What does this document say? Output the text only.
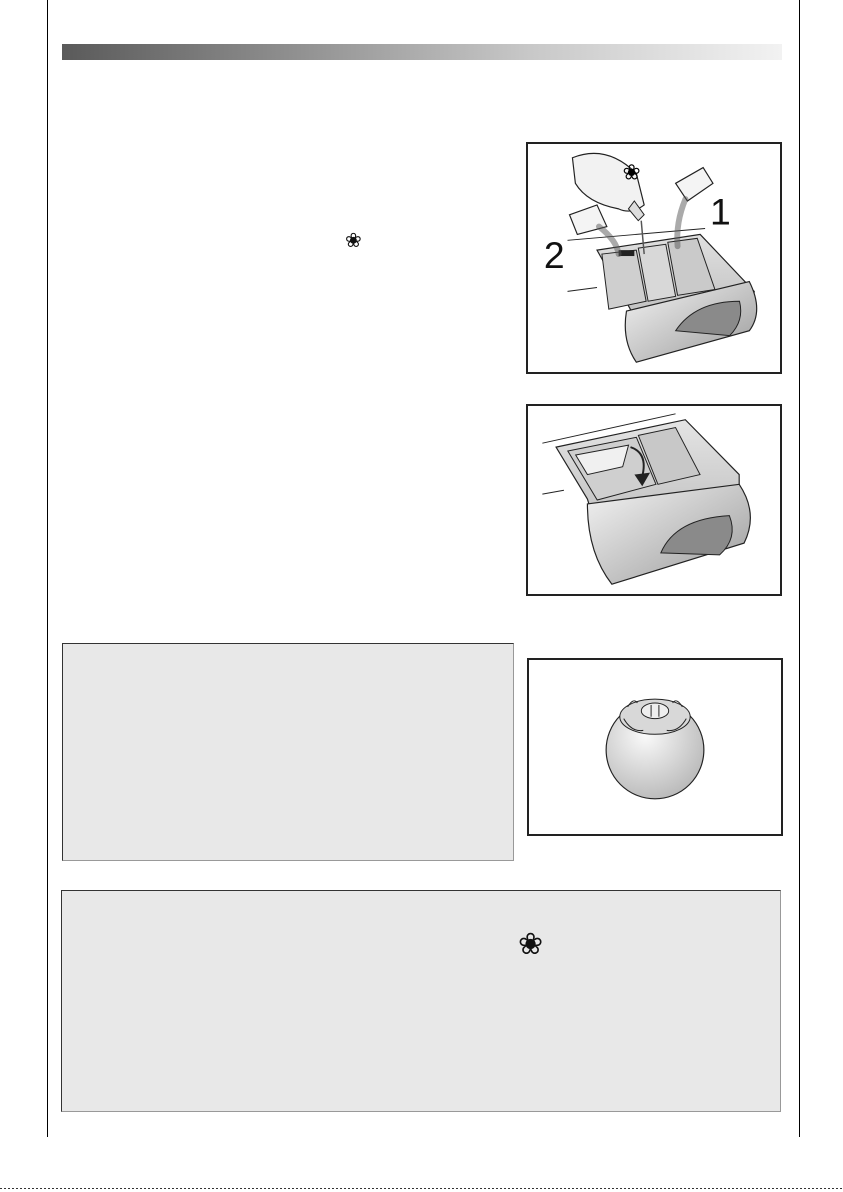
❀
1
2
❀
❀
